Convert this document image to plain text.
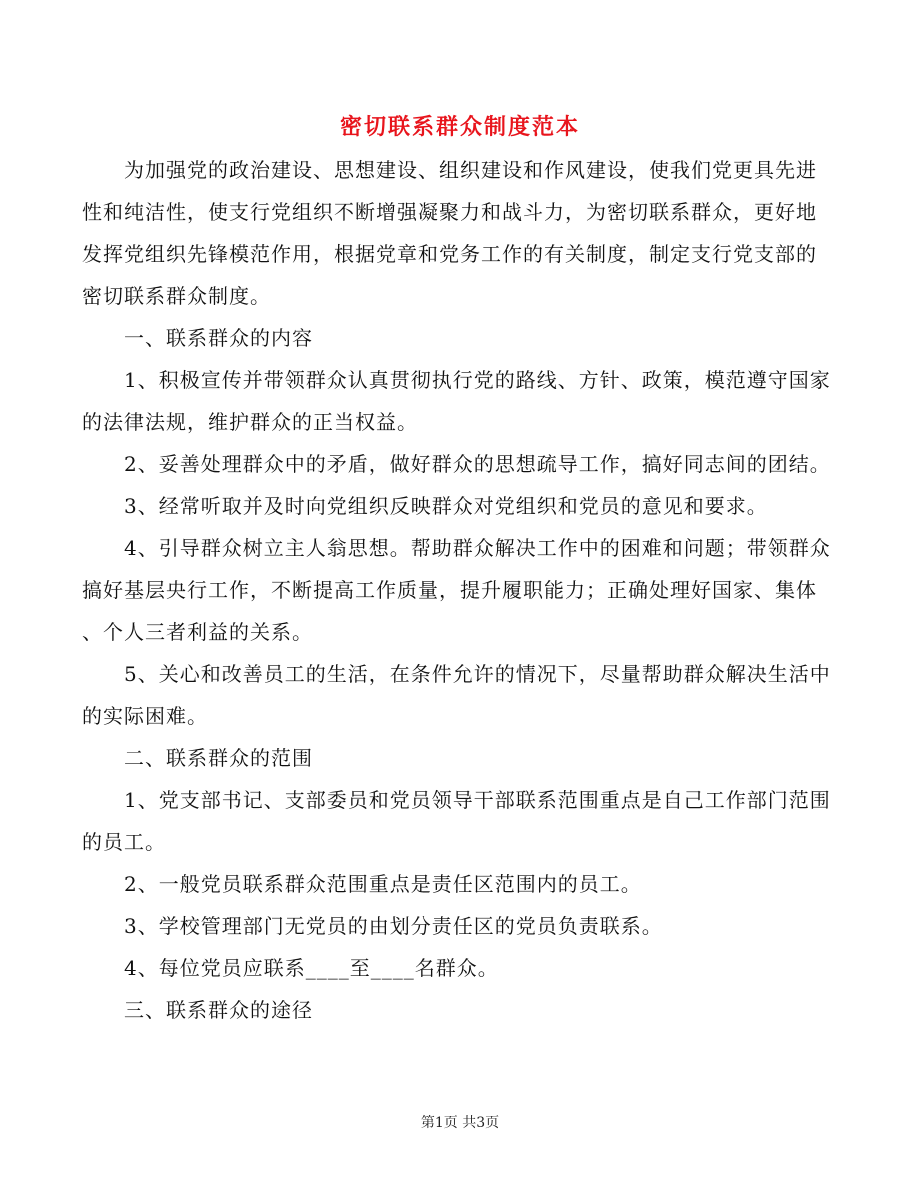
密切联系群众制度范本
为加强党的政治建设、思想建设、组织建设和作风建设，使我们党更具先进
性和纯洁性，使支行党组织不断增强凝聚力和战斗力，为密切联系群众，更好地
发挥党组织先锋模范作用，根据党章和党务工作的有关制度，制定支行党支部的
密切联系群众制度。
一、联系群众的内容
1、积极宣传并带领群众认真贯彻执行党的路线、方针、政策，模范遵守国家
的法律法规，维护群众的正当权益。
2、妥善处理群众中的矛盾，做好群众的思想疏导工作，搞好同志间的团结。
3、经常听取并及时向党组织反映群众对党组织和党员的意见和要求。
4、引导群众树立主人翁思想。帮助群众解决工作中的困难和问题；带领群众
搞好基层央行工作，不断提高工作质量，提升履职能力；正确处理好国家、集体
、个人三者利益的关系。
5、关心和改善员工的生活，在条件允许的情况下，尽量帮助群众解决生活中
的实际困难。
二、联系群众的范围
1、党支部书记、支部委员和党员领导干部联系范围重点是自己工作部门范围
的员工。
2、一般党员联系群众范围重点是责任区范围内的员工。
3、学校管理部门无党员的由划分责任区的党员负责联系。
4、每位党员应联系____至____名群众。
三、联系群众的途径
第1页 共3页
